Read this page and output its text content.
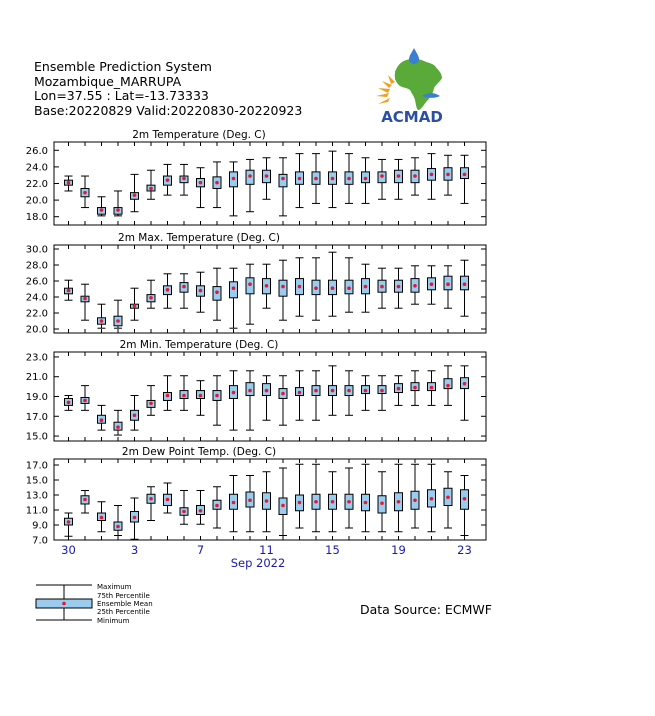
Ensemble Prediction System
Mozambique_MARRUPA
Lon=37.55 : Lat=-13.73333
Base:20220829 Valid:20220830-20220923	ACMAD
2m Temperature (Deg. C)
18.0
20.0
22.0
24.0
26.0
2m Max. Temperature (Deg. C)
20.0
22.0
24.0
26.0
28.0
30.0
2m Min. Temperature (Deg. C)
15.0
17.0
19.0
21.0
23.0
2m Dew Point Temp. (Deg. C)
7.0
9.0
11.0
13.0
15.0
17.0
30	3	7	11	15	19	23
Sep 2022
Data Source: ECMWF
Maximum
75th Percentile
Ensemble Mean
25th Percentile
Minimum
